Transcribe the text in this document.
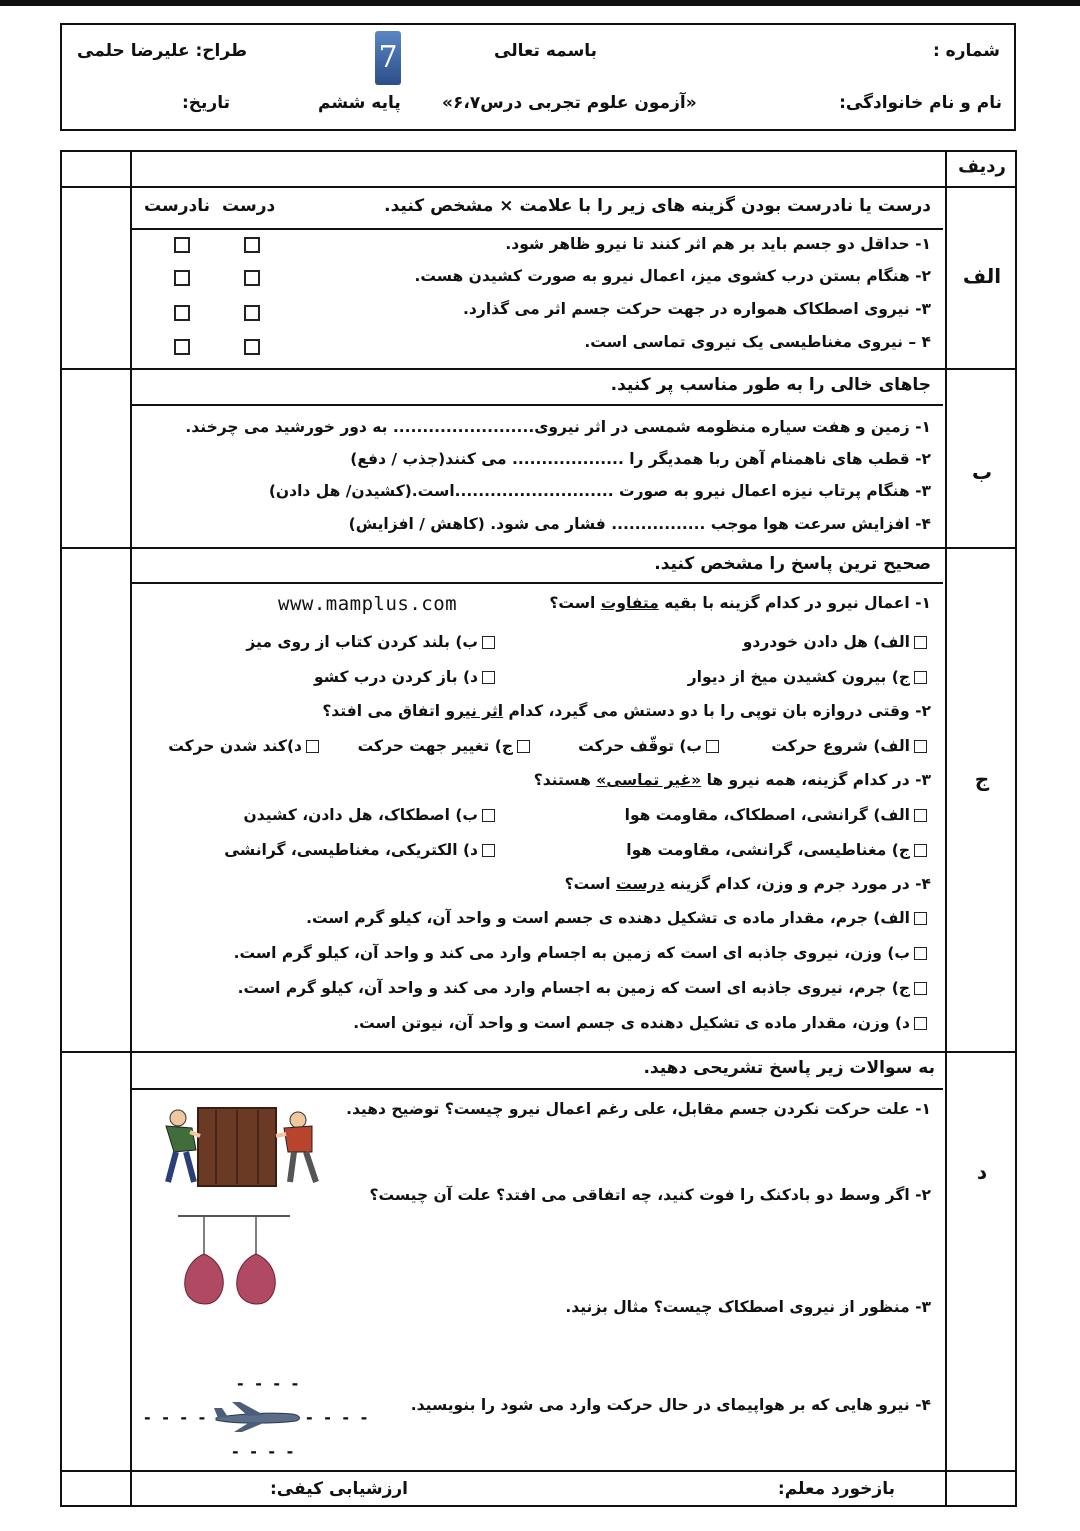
شماره :
باسمه تعالی
7
طراح: علیرضا حلمی
نام و نام خانوادگی:
«آزمون علوم تجربی درس۶،۷»
پایه ششم
تاریخ:
ردیف
الف
درست یا نادرست بودن گزینه های زیر را با علامت × مشخص کنید.
درست
نادرست
۱- حداقل دو جسم باید بر هم اثر کنند تا نیرو ظاهر شود.
۲- هنگام بستن درب کشوی میز، اعمال نیرو به صورت کشیدن هست.
۳- نیروی اصطکاک همواره در جهت حرکت جسم اثر می گذارد.
۴ – نیروی مغناطیسی یک نیروی تماسی است.
ب
جاهای خالی را به طور مناسب پر کنید.
۱- زمین و هفت سیاره منظومه شمسی در اثر نیروی........................ به دور خورشید می چرخند.
۲- قطب های ناهمنام آهن ربا همدیگر را ................... می کنند(جذب / دفع)
۳- هنگام پرتاب نیزه اعمال نیرو به صورت ...........................است.(کشیدن/ هل دادن)
۴- افزایش سرعت هوا موجب ................ فشار می شود. (کاهش / افزایش)
ج
صحیح ترین پاسخ را مشخص کنید.
۱- اعمال نیرو در کدام گزینه با بقیه متفاوت است؟
www.mamplus.com
الف) هل دادن خودردو
ب) بلند کردن کتاب از روی میز
ج) بیرون کشیدن میخ از دیوار
د) باز کردن درب کشو
۲- وقتی دروازه بان توپی را با دو دستش می گیرد، کدام اثر نیرو اتفاق می افتد؟
الف) شروع حرکت
ب) توقّف حرکت
ج) تغییر جهت حرکت
د)کند شدن حرکت
۳- در کدام گزینه، همه نیرو ها «غیر تماسی» هستند؟
الف) گرانشی، اصطکاک، مقاومت هوا
ب) اصطکاک، هل دادن، کشیدن
ج) مغناطیسی، گرانشی، مقاومت هوا
د) الکتریکی، مغناطیسی، گرانشی
۴- در مورد جرم و وزن، کدام گزینه درست است؟
الف) جرم، مقدار ماده ی تشکیل دهنده ی جسم است و واحد آن، کیلو گرم است.
ب) وزن، نیروی جاذبه ای است که زمین به اجسام وارد می کند و واحد آن، کیلو گرم است.
ج) جرم، نیروی جاذبه ای است که زمین به اجسام وارد می کند و واحد آن، کیلو گرم است.
د) وزن، مقدار ماده ی تشکیل دهنده ی جسم است و واحد آن، نیوتن است.
د
به سوالات زیر پاسخ تشریحی دهید.
۱- علت حرکت نکردن جسم مقابل، علی رغم اعمال نیرو چیست؟ توضیح دهید.
۲- اگر وسط دو بادکنک را فوت کنید، چه اتفاقی می افتد؟ علت آن چیست؟
۳- منظور از نیروی اصطکاک چیست؟ مثال بزنید.
۴- نیرو هایی که بر هواپیمای در حال حرکت وارد می شود را بنویسید.
- - - -
- - - -	- - - -
- - - -
بازخورد معلم:
ارزشیابی کیفی:
